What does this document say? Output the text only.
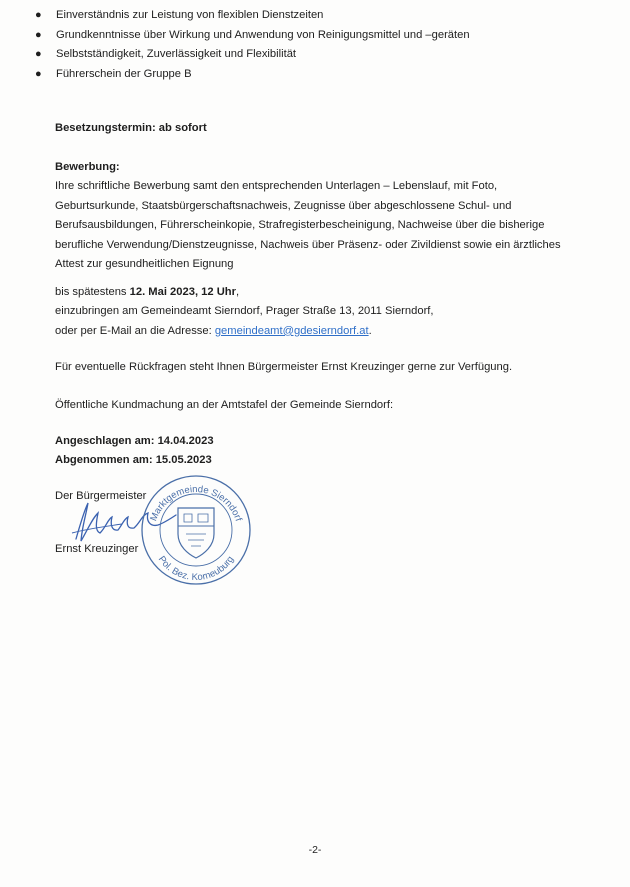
● Einverständnis zur Leistung von flexiblen Dienstzeiten
● Grundkenntnisse über Wirkung und Anwendung von Reinigungsmittel und –geräten
● Selbstständigkeit, Zuverlässigkeit und Flexibilität
● Führerschein der Gruppe B
Besetzungstermin: ab sofort
Bewerbung:
Ihre schriftliche Bewerbung samt den entsprechenden Unterlagen – Lebenslauf, mit Foto,
Geburtsurkunde, Staatsbürgerschaftsnachweis, Zeugnisse über abgeschlossene Schul- und
Berufsausbildungen, Führerscheinkopie, Strafregisterbescheinigung, Nachweise über die bisherige
berufliche Verwendung/Dienstzeugnisse, Nachweis über Präsenz- oder Zivildienst sowie ein ärztliches
Attest zur gesundheitlichen Eignung
bis spätestens 12. Mai 2023, 12 Uhr,
einzubringen am Gemeindeamt Sierndorf, Prager Straße 13, 2011 Sierndorf,
oder per E-Mail an die Adresse: gemeindeamt@gdesierndorf.at.
Für eventuelle Rückfragen steht Ihnen Bürgermeister Ernst Kreuzinger gerne zur Verfügung.
Öffentliche Kundmachung an der Amtstafel der Gemeinde Sierndorf:
Angeschlagen am: 14.04.2023
Abgenommen am: 15.05.2023
Der Bürgermeister
Ernst Kreuzinger
Marktgemeinde Sierndorf
Pol. Bez. Korneuburg
-2-
